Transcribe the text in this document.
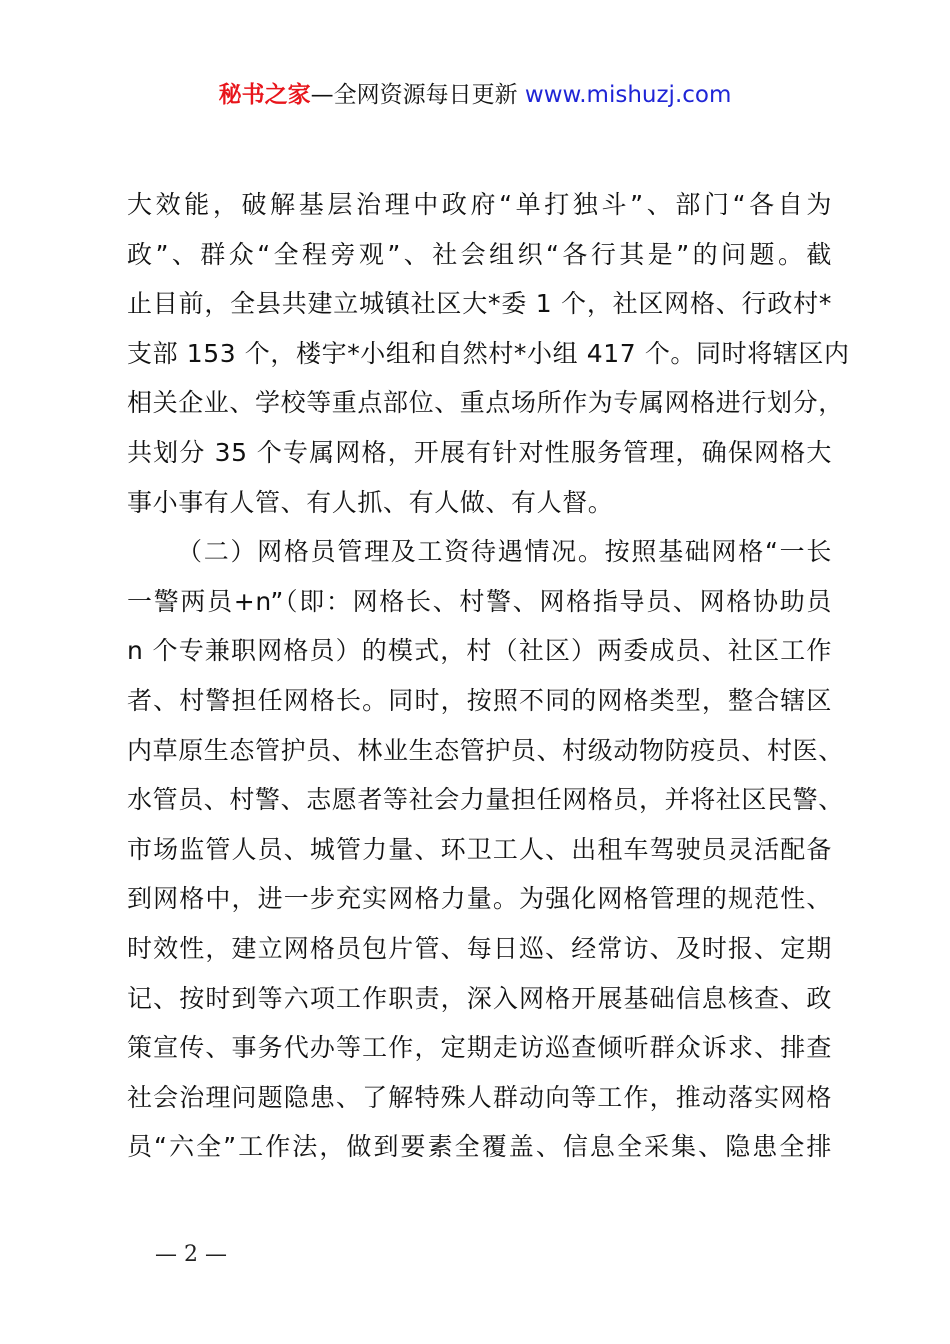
秘书之家—全网资源每日更新 www.mishuzj.com
大效能，破解基层治理中政府“单打独斗”、部门“各自为
政”、群众“全程旁观”、社会组织“各行其是”的问题。截
止目前，全县共建立城镇社区大*委 1 个，社区网格、行政村*
支部 153 个，楼宇*小组和自然村*小组 417 个。同时将辖区内
相关企业、学校等重点部位、重点场所作为专属网格进行划分，
共划分 35 个专属网格，开展有针对性服务管理，确保网格大
事小事有人管、有人抓、有人做、有人督。
（二）网格员管理及工资待遇情况。按照基础网格“一长
一警两员+n”（即：网格长、村警、网格指导员、网格协助员
n 个专兼职网格员）的模式，村（社区）两委成员、社区工作
者、村警担任网格长。同时，按照不同的网格类型，整合辖区
内草原生态管护员、林业生态管护员、村级动物防疫员、村医、
水管员、村警、志愿者等社会力量担任网格员，并将社区民警、
市场监管人员、城管力量、环卫工人、出租车驾驶员灵活配备
到网格中，进一步充实网格力量。为强化网格管理的规范性、
时效性，建立网格员包片管、每日巡、经常访、及时报、定期
记、按时到等六项工作职责，深入网格开展基础信息核查、政
策宣传、事务代办等工作，定期走访巡查倾听群众诉求、排查
社会治理问题隐患、了解特殊人群动向等工作，推动落实网格
员“六全”工作法，做到要素全覆盖、信息全采集、隐患全排
— 2 —
